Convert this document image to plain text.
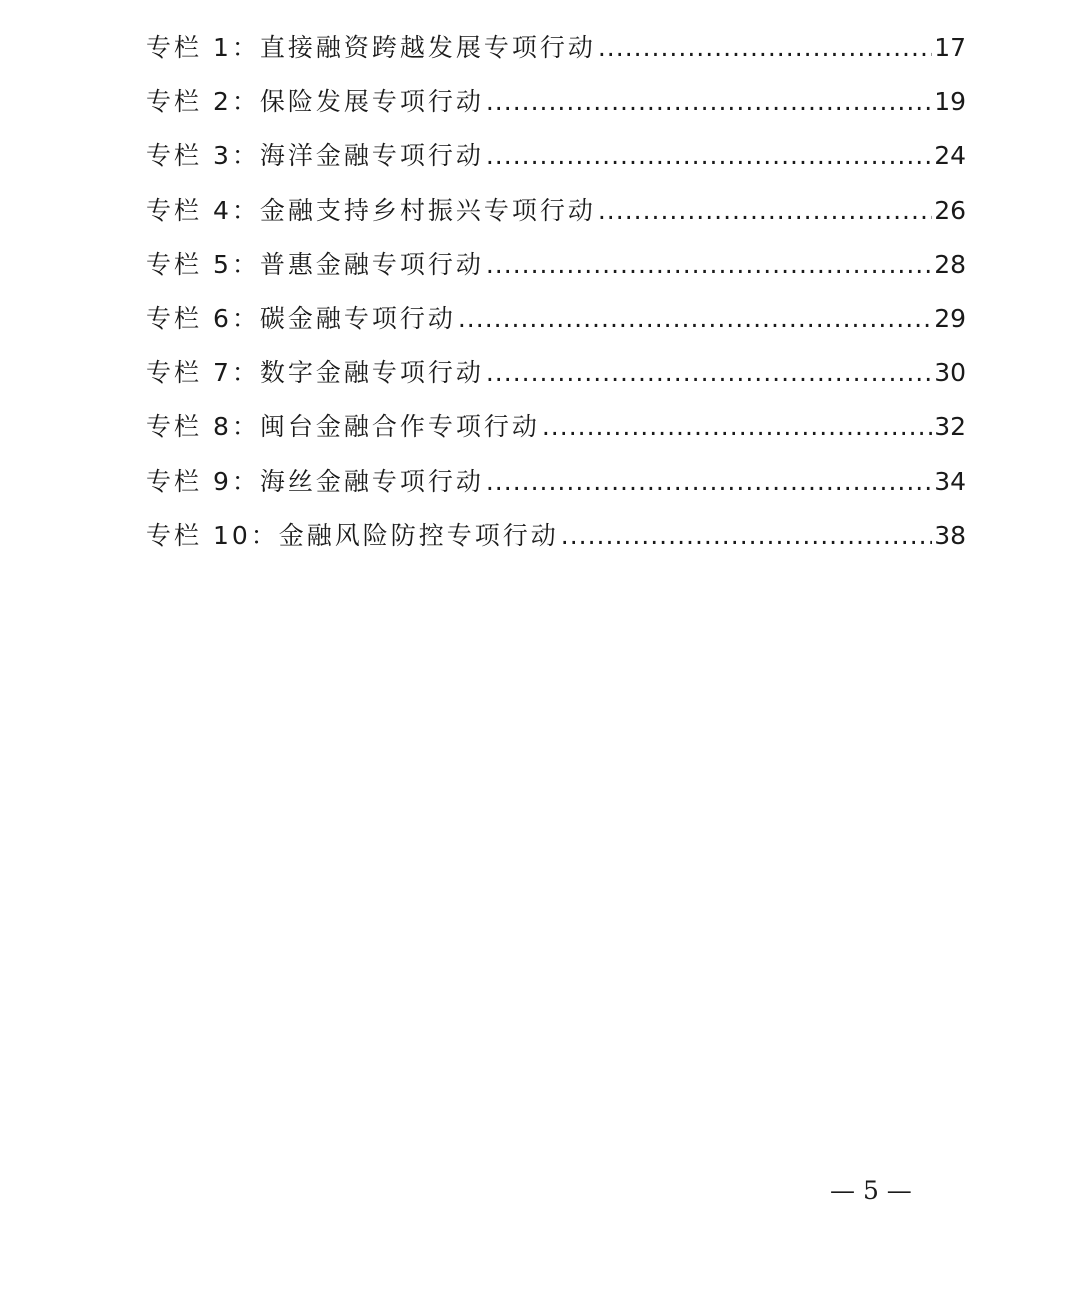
专栏 1：直接融资跨越发展专项行动 .....	17
专栏 2：保险发展专项行动 .....	19
专栏 3：海洋金融专项行动 .....	24
专栏 4：金融支持乡村振兴专项行动 .....	26
专栏 5：普惠金融专项行动 .....	28
专栏 6：碳金融专项行动 .....	29
专栏 7：数字金融专项行动 .....	30
专栏 8：闽台金融合作专项行动 .....	32
专栏 9：海丝金融专项行动 .....	34
专栏 10：金融风险防控专项行动 .....	38
— 5 —
